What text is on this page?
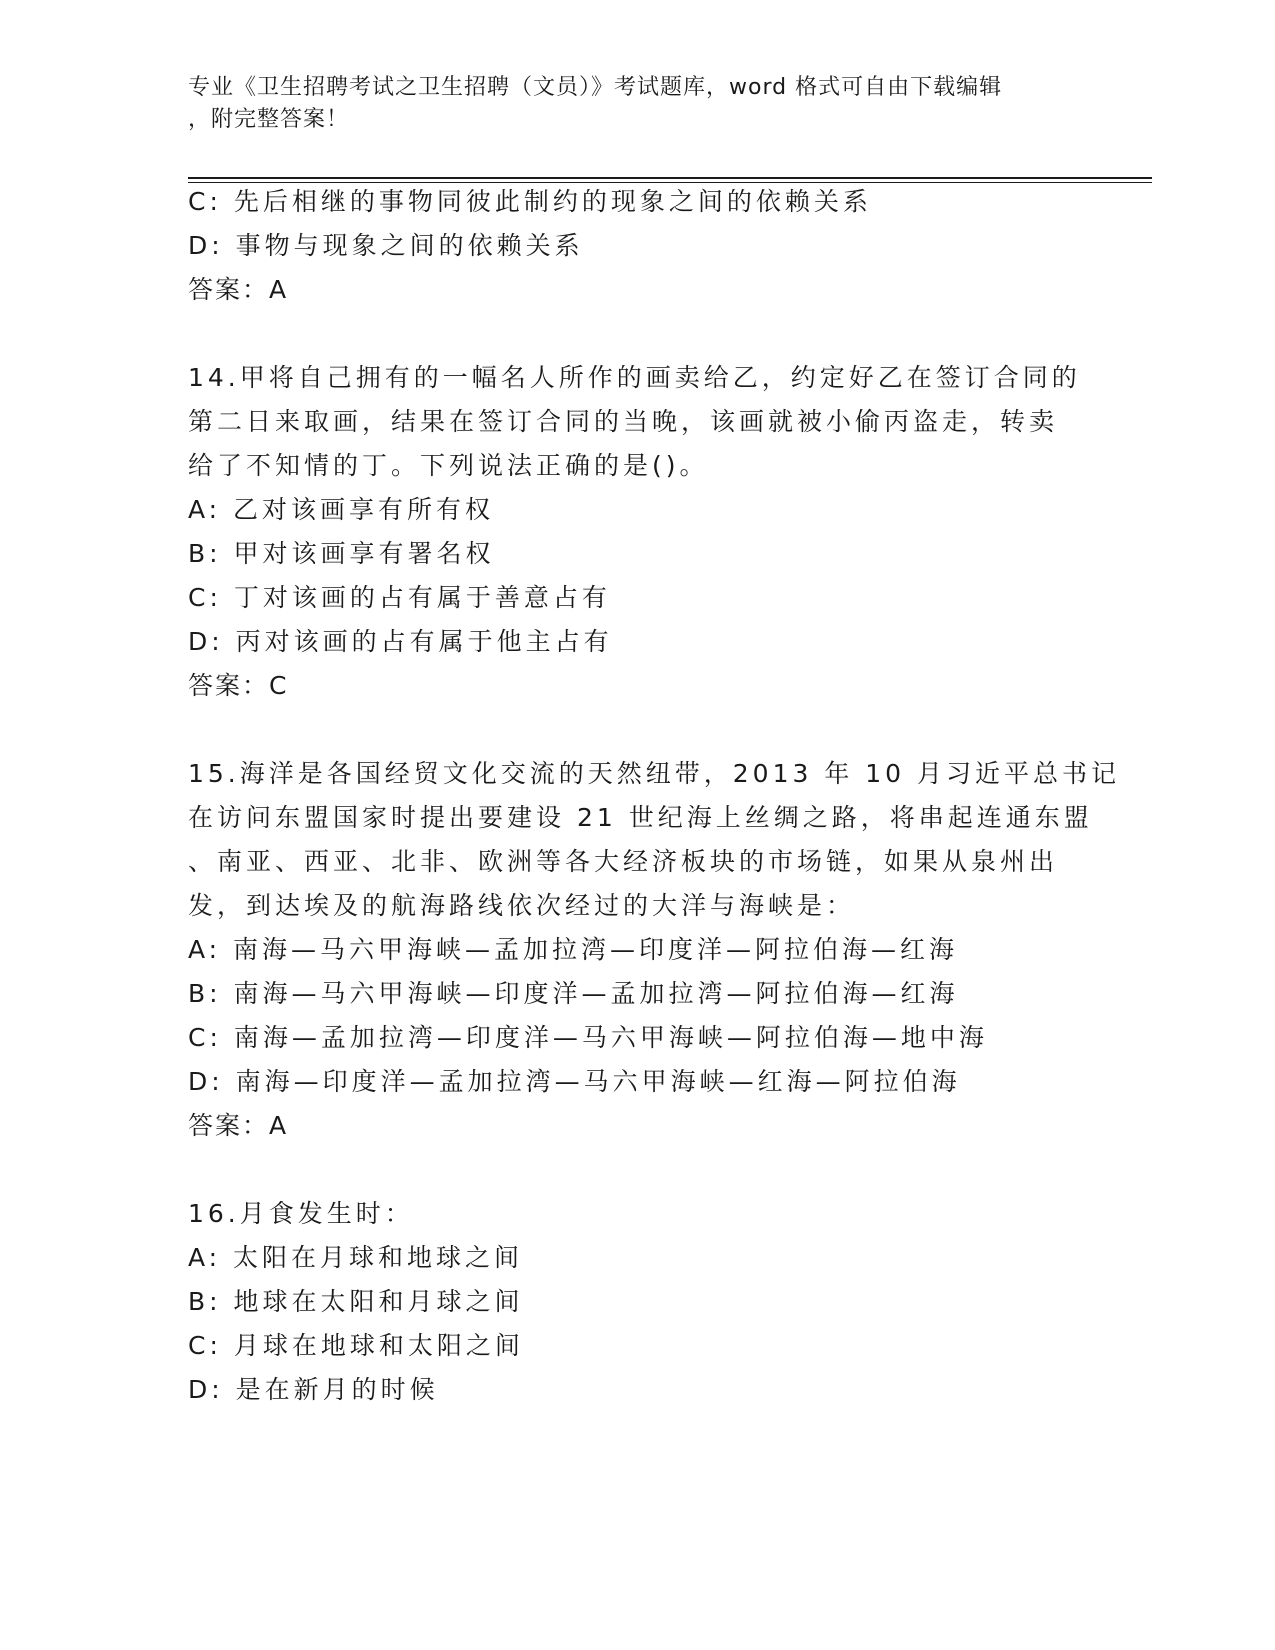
专业《卫生招聘考试之卫生招聘（文员）》考试题库，word 格式可自由下载编辑
，附完整答案！
C: 先后相继的事物同彼此制约的现象之间的依赖关系
D: 事物与现象之间的依赖关系
答案：A
14.甲将自己拥有的一幅名人所作的画卖给乙，约定好乙在签订合同的
第二日来取画，结果在签订合同的当晚，该画就被小偷丙盗走，转卖
给了不知情的丁。下列说法正确的是()。
A: 乙对该画享有所有权
B: 甲对该画享有署名权
C: 丁对该画的占有属于善意占有
D: 丙对该画的占有属于他主占有
答案：C
15.海洋是各国经贸文化交流的天然纽带，2013 年 10 月习近平总书记
在访问东盟国家时提出要建设 21 世纪海上丝绸之路，将串起连通东盟
、南亚、西亚、北非、欧洲等各大经济板块的市场链，如果从泉州出
发，到达埃及的航海路线依次经过的大洋与海峡是：
A: 南海—马六甲海峡—孟加拉湾—印度洋—阿拉伯海—红海
B: 南海—马六甲海峡—印度洋—孟加拉湾—阿拉伯海—红海
C: 南海—孟加拉湾—印度洋—马六甲海峡—阿拉伯海—地中海
D: 南海—印度洋—孟加拉湾—马六甲海峡—红海—阿拉伯海
答案：A
16.月食发生时：
A: 太阳在月球和地球之间
B: 地球在太阳和月球之间
C: 月球在地球和太阳之间
D: 是在新月的时候
